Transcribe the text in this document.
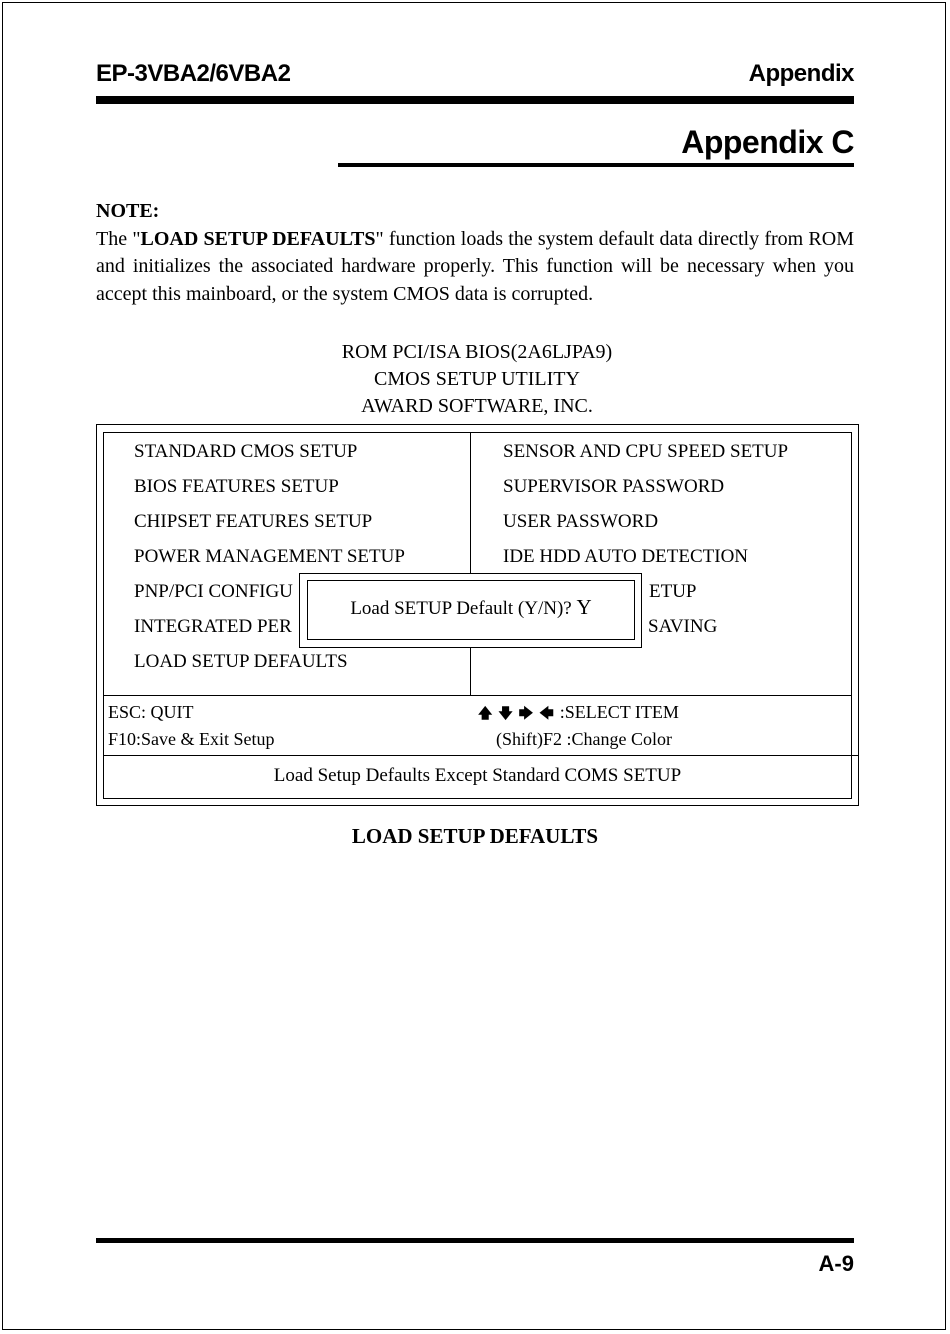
EP-3VBA2/6VBA2	Appendix
Appendix C
NOTE:
The "LOAD SETUP DEFAULTS" function loads the system default data directly from ROM and initializes the associated hardware properly. This function will be necessary when you accept this mainboard, or the system CMOS data is corrupted.
ROM PCI/ISA BIOS(2A6LJPA9)
CMOS SETUP UTILITY
AWARD SOFTWARE, INC.
STANDARD CMOS SETUP
BIOS FEATURES SETUP
CHIPSET FEATURES SETUP
POWER MANAGEMENT SETUP
PNP/PCI CONFIGU
INTEGRATED PER
LOAD SETUP DEFAULTS
SENSOR AND CPU SPEED SETUP
SUPERVISOR PASSWORD
USER PASSWORD
IDE HDD AUTO DETECTION
ETUP
SAVING
Load SETUP Default (Y/N)? Y
ESC: QUIT
F10:Save & Exit Setup
🡅🡇🡆🡄:SELECT ITEM
(Shift)F2 :Change Color
Load Setup Defaults Except Standard COMS SETUP
LOAD SETUP DEFAULTS
A-9
